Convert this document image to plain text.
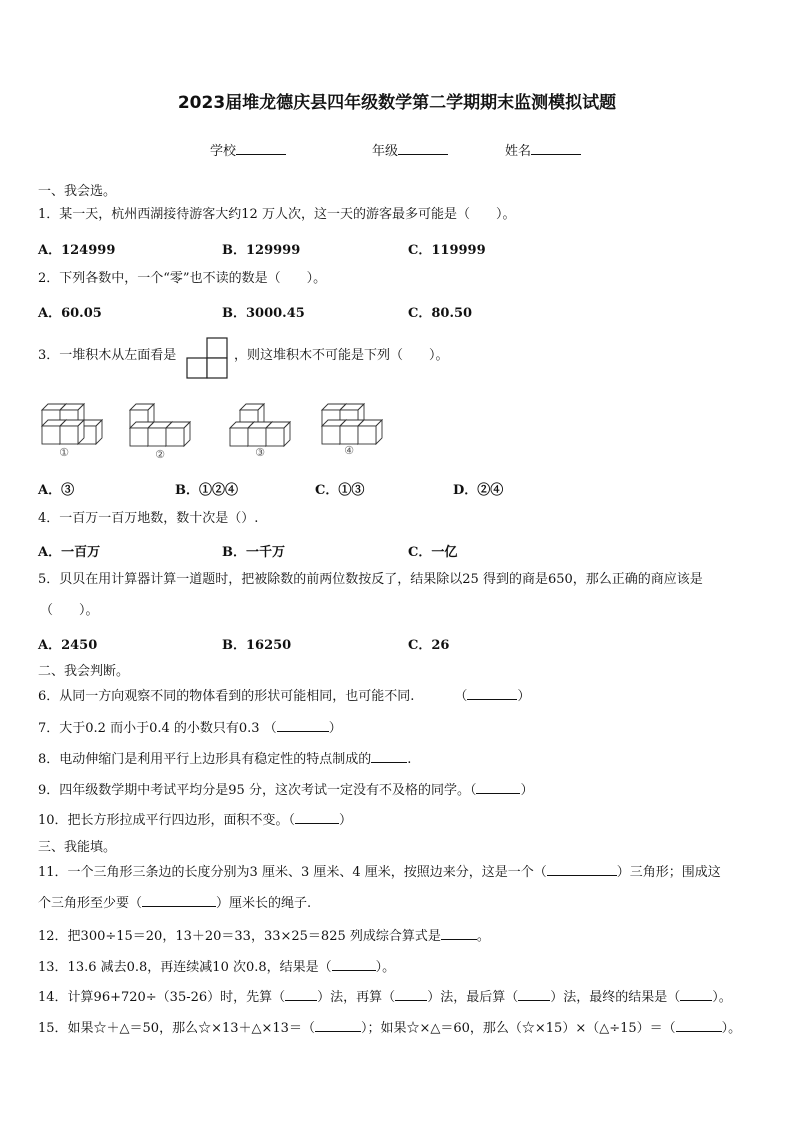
2023届堆龙德庆县四年级数学第二学期期末监测模拟试题
学校	年级	姓名
一、我会选。
1．某一天，杭州西湖接待游客大约12 万人次，这一天的游客最多可能是（　　）。
A．124999	B．129999	C．119999
2．下列各数中，一个“零”也不读的数是（　　）。
A．60.05	B．3000.45	C．80.50
3．一堆积木从左面看是	，则这堆积木不可能是下列（　　）。
①	②	③	④
A．③	B．①②④	C．①③	D．②④
4．一百万一百万地数，数十次是（）.
A．一百万	B．一千万	C．一亿
5．贝贝在用计算器计算一道题时，把被除数的前两位数按反了，结果除以25 得到的商是650，那么正确的商应该是
（　　）。
A．2450	B．16250	C．26
二、我会判断。
6．从同一方向观察不同的物体看到的形状可能相同，也可能不同.	（	）
7．大于0.2 而小于0.4 的小数只有0.3 （	）
8．电动伸缩门是利用平行上边形具有稳定性的特点制成的	.
9．四年级数学期中考试平均分是95 分，这次考试一定没有不及格的同学。（	）
10．把长方形拉成平行四边形，面积不变。（	）
三、我能填。
11．一个三角形三条边的长度分别为3 厘米、3 厘米、4 厘米，按照边来分，这是一个（	）三角形；围成这
个三角形至少要（	）厘米长的绳子.
12．把300÷15＝20，13＋20＝33，33×25＝825 列成综合算式是	。
13．13.6 减去0.8，再连续减10 次0.8，结果是（	）。
14．计算96+720÷（35-26）时，先算（ ）法，再算（ ）法，最后算（ ）法，最终的结果是（ ）。
15．如果☆＋△＝50，那么☆×13＋△×13＝（	）；如果☆×△＝60，那么（☆×15）×（△÷15）＝（	）。
